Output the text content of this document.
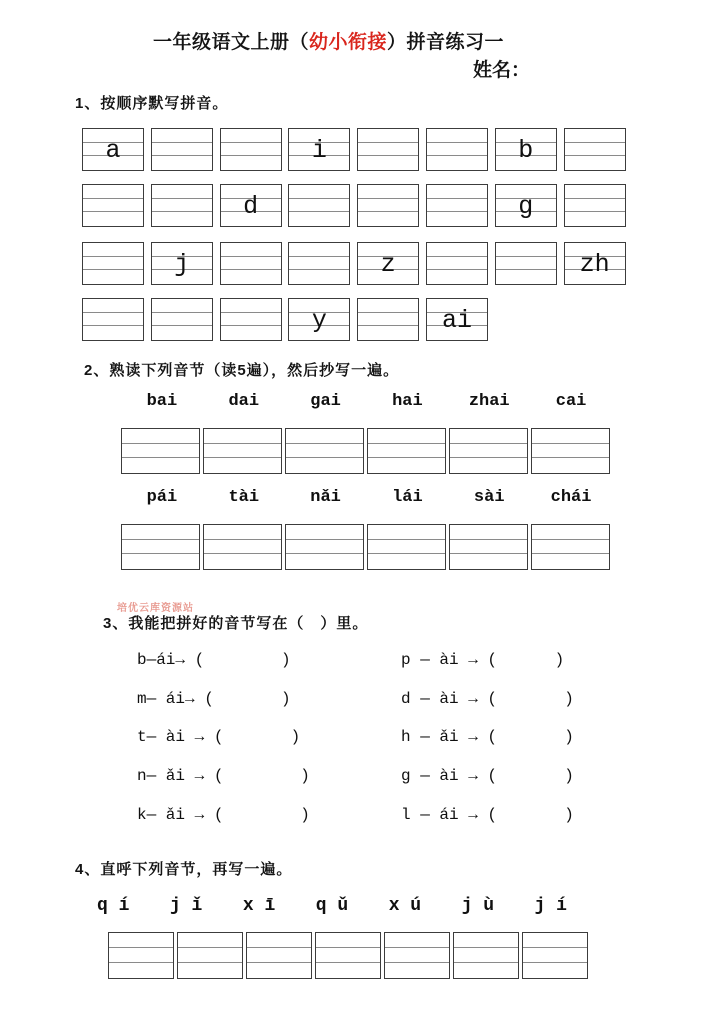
一年级语文上册（幼小衔接）拼音练习一
姓名：
1、按顺序默写拼音。
a	i	b
d	g
j	z	zh
y	ai
2、熟读下列音节（读5遍），然后抄写一遍。
bai	dai	gai	hai	zhai	cai
pái	tài	nǎi	lái	sài	chái
培优云库资源站
3、我能把拼好的音节写在（　）里。
b—ái→ (        )
m— ái→ (       )
t— ài → (       )
n— ǎi → (        )
k— ǎi → (        )
p — ài → (      )
d — ài → (       )
h — ǎi → (       )
g — ài → (       )
l — ái → (       )
4、直呼下列音节，再写一遍。
q í j ǐ x ī q ǔ x ú j ù j í
